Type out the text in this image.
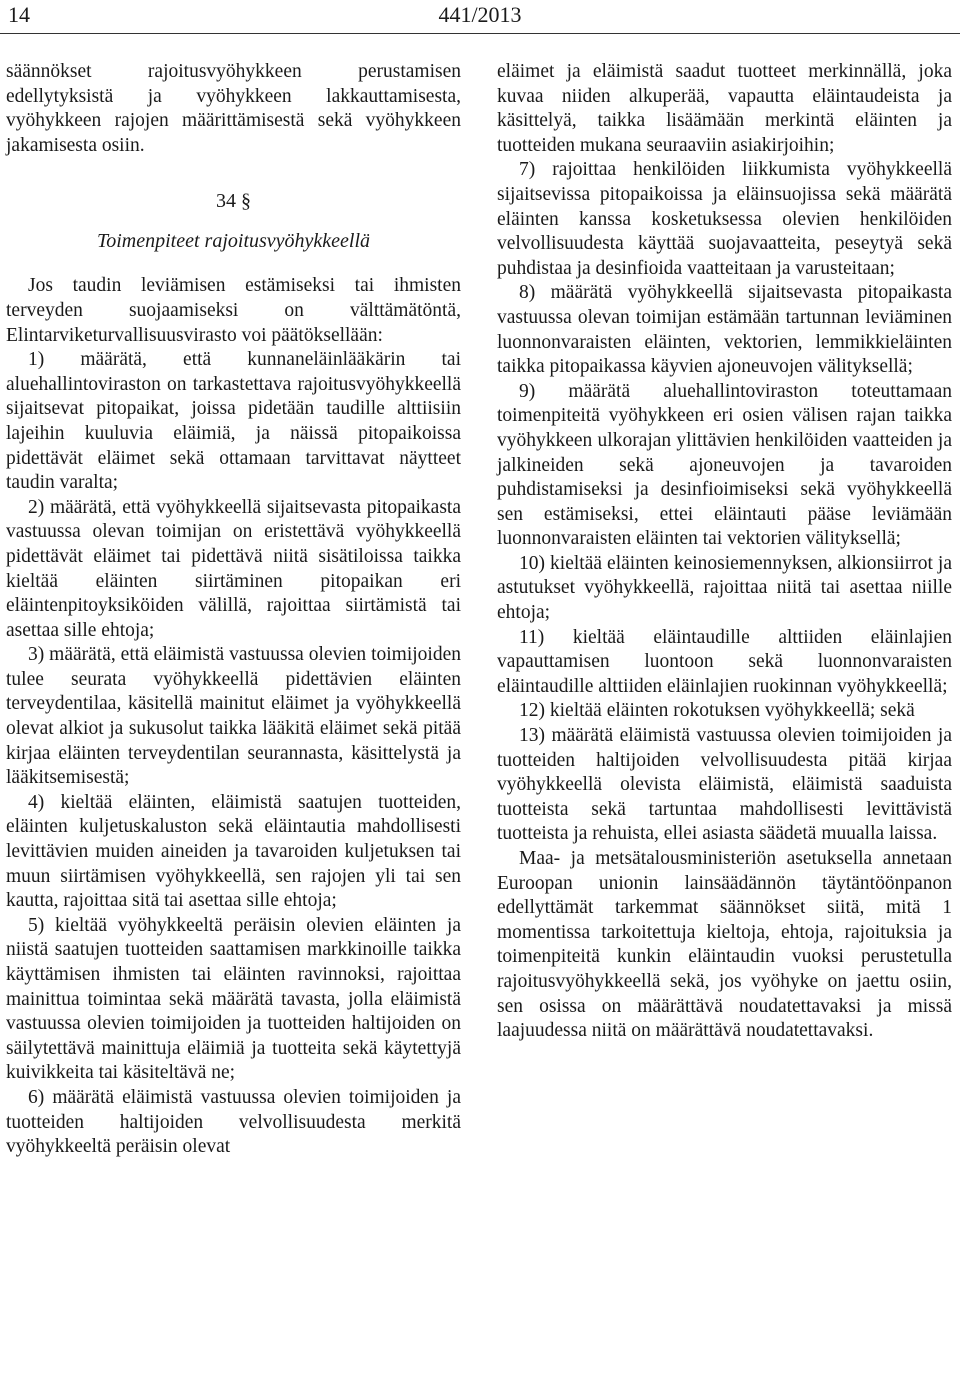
14	441/2013

säännökset rajoitusvyöhykkeen perustamisen edellytyksistä ja vyöhykkeen lakkauttamisesta, vyöhykkeen rajojen määrittämisestä sekä vyöhykkeen jakamisesta osiin.

34 §
Toimenpiteet rajoitusvyöhykkeellä

Jos taudin leviämisen estämiseksi tai ihmisten terveyden suojaamiseksi on välttämätöntä, Elintarviketurvallisuusvirasto voi päätöksellään:

1) määrätä, että kunnaneläinlääkärin tai aluehallintoviraston on tarkastettava rajoitusvyöhykkeellä sijaitsevat pitopaikat, joissa pidetään taudille alttiisiin lajeihin kuuluvia eläimiä, ja näissä pitopaikoissa pidettävät eläimet sekä ottamaan tarvittavat näytteet taudin varalta;

2) määrätä, että vyöhykkeellä sijaitsevasta pitopaikasta vastuussa olevan toimijan on eristettävä vyöhykkeellä pidettävät eläimet tai pidettävä niitä sisätiloissa taikka kieltää eläinten siirtäminen pitopaikan eri eläintenpitoyksiköiden välillä, rajoittaa siirtämistä tai asettaa sille ehtoja;

3) määrätä, että eläimistä vastuussa olevien toimijoiden tulee seurata vyöhykkeellä pidettävien eläinten terveydentilaa, käsitellä mainitut eläimet ja vyöhykkeellä olevat alkiot ja sukusolut taikka lääkitä eläimet sekä pitää kirjaa eläinten terveydentilan seurannasta, käsittelystä ja lääkitsemisestä;

4) kieltää eläinten, eläimistä saatujen tuotteiden, eläinten kuljetuskaluston sekä eläintautia mahdollisesti levittävien muiden aineiden ja tavaroiden kuljetuksen tai muun siirtämisen vyöhykkeellä, sen rajojen yli tai sen kautta, rajoittaa sitä tai asettaa sille ehtoja;

5) kieltää vyöhykkeeltä peräisin olevien eläinten ja niistä saatujen tuotteiden saattamisen markkinoille taikka käyttämisen ihmisten tai eläinten ravinnoksi, rajoittaa mainittua toimintaa sekä määrätä tavasta, jolla eläimistä vastuussa olevien toimijoiden ja tuotteiden haltijoiden on säilytettävä mainittuja eläimiä ja tuotteita sekä käytettyjä kuivikkeita tai käsiteltävä ne;

6) määrätä eläimistä vastuussa olevien toimijoiden ja tuotteiden haltijoiden velvollisuudesta merkitä vyöhykkeeltä peräisin olevat

eläimet ja eläimistä saadut tuotteet merkinnällä, joka kuvaa niiden alkuperää, vapautta eläintaudeista ja käsittelyä, taikka lisäämään merkintä eläinten ja tuotteiden mukana seuraaviin asiakirjoihin;

7) rajoittaa henkilöiden liikkumista vyöhykkeellä sijaitsevissa pitopaikoissa ja eläinsuojissa sekä määrätä eläinten kanssa kosketuksessa olevien henkilöiden velvollisuudesta käyttää suojavaatteita, peseytyä sekä puhdistaa ja desinfioida vaatteitaan ja varusteitaan;

8) määrätä vyöhykkeellä sijaitsevasta pitopaikasta vastuussa olevan toimijan estämään tartunnan leviäminen luonnonvaraisten eläinten, vektorien, lemmikkieläinten taikka pitopaikassa käyvien ajoneuvojen välityksellä;

9) määrätä aluehallintoviraston toteuttamaan toimenpiteitä vyöhykkeen eri osien välisen rajan taikka vyöhykkeen ulkorajan ylittävien henkilöiden vaatteiden ja jalkineiden sekä ajoneuvojen ja tavaroiden puhdistamiseksi ja desinfioimiseksi sekä vyöhykkeellä sen estämiseksi, ettei eläintauti pääse leviämään luonnonvaraisten eläinten tai vektorien välityksellä;

10) kieltää eläinten keinosiemennyksen, alkionsiirrot ja astutukset vyöhykkeellä, rajoittaa niitä tai asettaa niille ehtoja;

11) kieltää eläintaudille alttiiden eläinlajien vapauttamisen luontoon sekä luonnonvaraisten eläintaudille alttiiden eläinlajien ruokinnan vyöhykkeellä;

12) kieltää eläinten rokotuksen vyöhykkeellä; sekä

13) määrätä eläimistä vastuussa olevien toimijoiden ja tuotteiden haltijoiden velvollisuudesta pitää kirjaa vyöhykkeellä olevista eläimistä, eläimistä saaduista tuotteista sekä tartuntaa mahdollisesti levittävistä tuotteista ja rehuista, ellei asiasta säädetä muualla laissa.

Maa- ja metsätalousministeriön asetuksella annetaan Euroopan unionin lainsäädännön täytäntöönpanon edellyttämät tarkemmat säännökset siitä, mitä 1 momentissa tarkoitettuja kieltoja, ehtoja, rajoituksia ja toimenpiteitä kunkin eläintaudin vuoksi perustetulla rajoitusvyöhykkeellä sekä, jos vyöhyke on jaettu osiin, sen osissa on määrättävä noudatettavaksi ja missä laajuudessa niitä on määrättävä noudatettavaksi.
